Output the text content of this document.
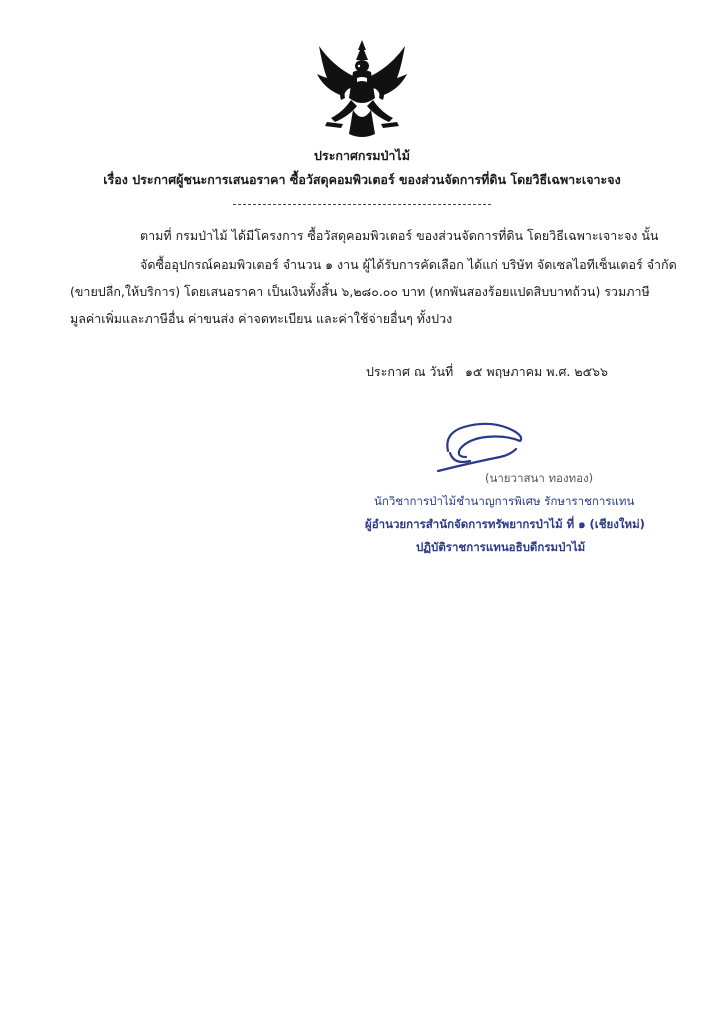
ประกาศกรมป่าไม้
เรื่อง ประกาศผู้ชนะการเสนอราคา ซื้อวัสดุคอมพิวเตอร์ ของส่วนจัดการที่ดิน โดยวิธีเฉพาะเจาะจง
ตามที่ กรมป่าไม้ ได้มีโครงการ ซื้อวัสดุคอมพิวเตอร์ ของส่วนจัดการที่ดิน โดยวิธีเฉพาะเจาะจง นั้น
จัดซื้ออุปกรณ์คอมพิวเตอร์ จำนวน ๑ งาน ผู้ได้รับการคัดเลือก ได้แก่ บริษัท จัดเซลไอทีเซ็นเตอร์ จำกัด
(ขายปลีก,ให้บริการ) โดยเสนอราคา เป็นเงินทั้งสิ้น ๖,๒๘๐.๐๐ บาท (หกพันสองร้อยแปดสิบบาทถ้วน) รวมภาษี
มูลค่าเพิ่มและภาษีอื่น ค่าขนส่ง ค่าจดทะเบียน และค่าใช้จ่ายอื่นๆ ทั้งปวง
ประกาศ ณ วันที่ ๑๕ พฤษภาคม พ.ศ. ๒๕๖๖
(นายวาสนา ทองทอง)
นักวิชาการป่าไม้ชำนาญการพิเศษ รักษาราชการแทน
ผู้อำนวยการสำนักจัดการทรัพยากรป่าไม้ ที่ ๑ (เชียงใหม่)
ปฏิบัติราชการแทนอธิบดีกรมป่าไม้
